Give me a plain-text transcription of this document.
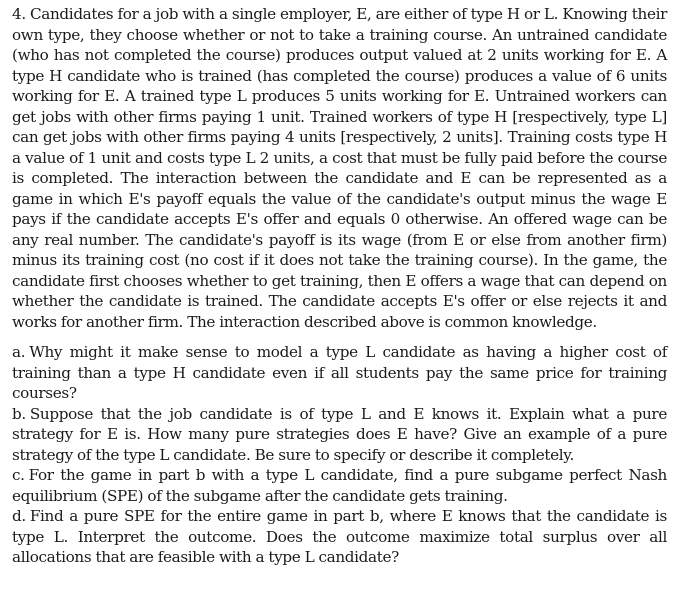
4. Candidates for a job with a single employer, E, are either of type H or L. Knowing their own type, they choose whether or not to take a training course. An untrained candidate (who has not completed the course) produces output valued at 2 units working for E. A type H candidate who is trained (has completed the course) produces a value of 6 units working for E. A trained type L produces 5 units working for E. Untrained workers can get jobs with other firms paying 1 unit. Trained workers of type H [respectively, type L] can get jobs with other firms paying 4 units [respectively, 2 units]. Training costs type H a value of 1 unit and costs type L 2 units, a cost that must be fully paid before the course is completed. The interaction between the candidate and E can be represented as a game in which E's payoff equals the value of the candidate's output minus the wage E pays if the candidate accepts E's offer and equals 0 otherwise. An offered wage can be any real number. The candidate's payoff is its wage (from E or else from another firm) minus its training cost (no cost if it does not take the training course). In the game, the candidate first chooses whether to get training, then E offers a wage that can depend on whether the candidate is trained. The candidate accepts E's offer or else rejects it and works for another firm. The interaction described above is common knowledge.

a. Why might it make sense to model a type L candidate as having a higher cost of training than a type H candidate even if all students pay the same price for training courses?
b. Suppose that the job candidate is of type L and E knows it. Explain what a pure strategy for E is. How many pure strategies does E have? Give an example of a pure strategy of the type L candidate. Be sure to specify or describe it completely.
c. For the game in part b with a type L candidate, find a pure subgame perfect Nash equilibrium (SPE) of the subgame after the candidate gets training.
d. Find a pure SPE for the entire game in part b, where E knows that the candidate is type L. Interpret the outcome. Does the outcome maximize total surplus over all allocations that are feasible with a type L candidate?
